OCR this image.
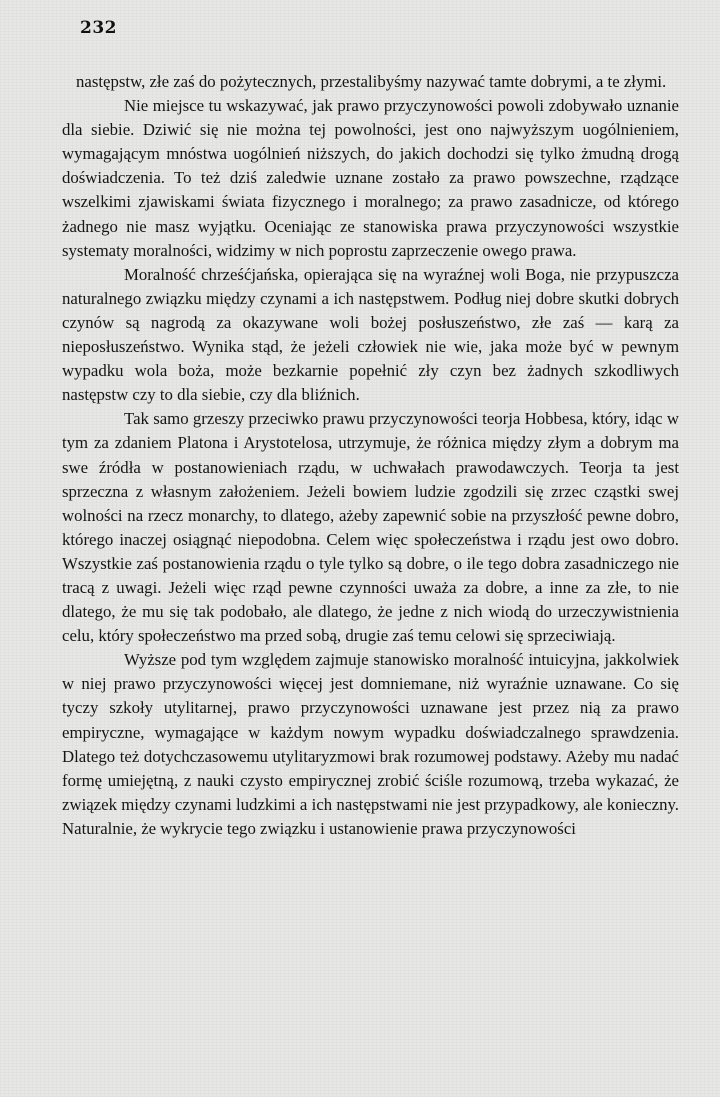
232

następstw, złe zaś do pożytecznych, przestalibyśmy nazywać tamte dobrymi, a te złymi.

Nie miejsce tu wskazywać, jak prawo przyczynowości powoli zdobywało uznanie dla siebie. Dziwić się nie można tej powolności, jest ono najwyższym uogólnieniem, wymagającym mnóstwa uogólnień niższych, do jakich dochodzi się tylko żmudną drogą doświadczenia. To też dziś zaledwie uznane zostało za prawo powszechne, rządzące wszelkimi zjawiskami świata fizycznego i moralnego; za prawo zasadnicze, od którego żadnego nie masz wyjątku. Oceniając ze stanowiska prawa przyczynowości wszystkie systematy moralności, widzimy w nich poprostu zaprzeczenie owego prawa.

Moralność chrześćjańska, opierająca się na wyraźnej woli Boga, nie przypuszcza naturalnego związku między czynami a ich następstwem. Podług niej dobre skutki dobrych czynów są nagrodą za okazywane woli bożej posłuszeństwo, złe zaś — karą za nieposłuszeństwo. Wynika stąd, że jeżeli człowiek nie wie, jaka może być w pewnym wypadku wola boża, może bezkarnie popełnić zły czyn bez żadnych szkodliwych następstw czy to dla siebie, czy dla bliźnich.

Tak samo grzeszy przeciwko prawu przyczynowości teorja Hobbesa, który, idąc w tym za zdaniem Platona i Arystotelosa, utrzymuje, że różnica między złym a dobrym ma swe źródła w postanowieniach rządu, w uchwałach prawodawczych. Teorja ta jest sprzeczna z własnym założeniem. Jeżeli bowiem ludzie zgodzili się zrzec cząstki swej wolności na rzecz monarchy, to dlatego, ażeby zapewnić sobie na przyszłość pewne dobro, którego inaczej osiągnąć niepodobna. Celem więc społeczeństwa i rządu jest owo dobro. Wszystkie zaś postanowienia rządu o tyle tylko są dobre, o ile tego dobra zasadniczego nie tracą z uwagi. Jeżeli więc rząd pewne czynności uważa za dobre, a inne za złe, to nie dlatego, że mu się tak podobało, ale dlatego, że jedne z nich wiodą do urzeczywistnienia celu, który społeczeństwo ma przed sobą, drugie zaś temu celowi się sprzeciwiają.

Wyższe pod tym względem zajmuje stanowisko moralność intuicyjna, jakkolwiek w niej prawo przyczynowości więcej jest domniemane, niż wyraźnie uznawane. Co się tyczy szkoły utylitarnej, prawo przyczynowości uznawane jest przez nią za prawo empiryczne, wymagające w każdym nowym wypadku doświadczalnego sprawdzenia. Dlatego też dotychczasowemu utylitaryzmowi brak rozumowej podstawy. Ażeby mu nadać formę umiejętną, z nauki czysto empirycznej zrobić ściśle rozumową, trzeba wykazać, że związek między czynami ludzkimi a ich następstwami nie jest przypadkowy, ale konieczny. Naturalnie, że wykrycie tego związku i ustanowienie prawa przyczynowości
